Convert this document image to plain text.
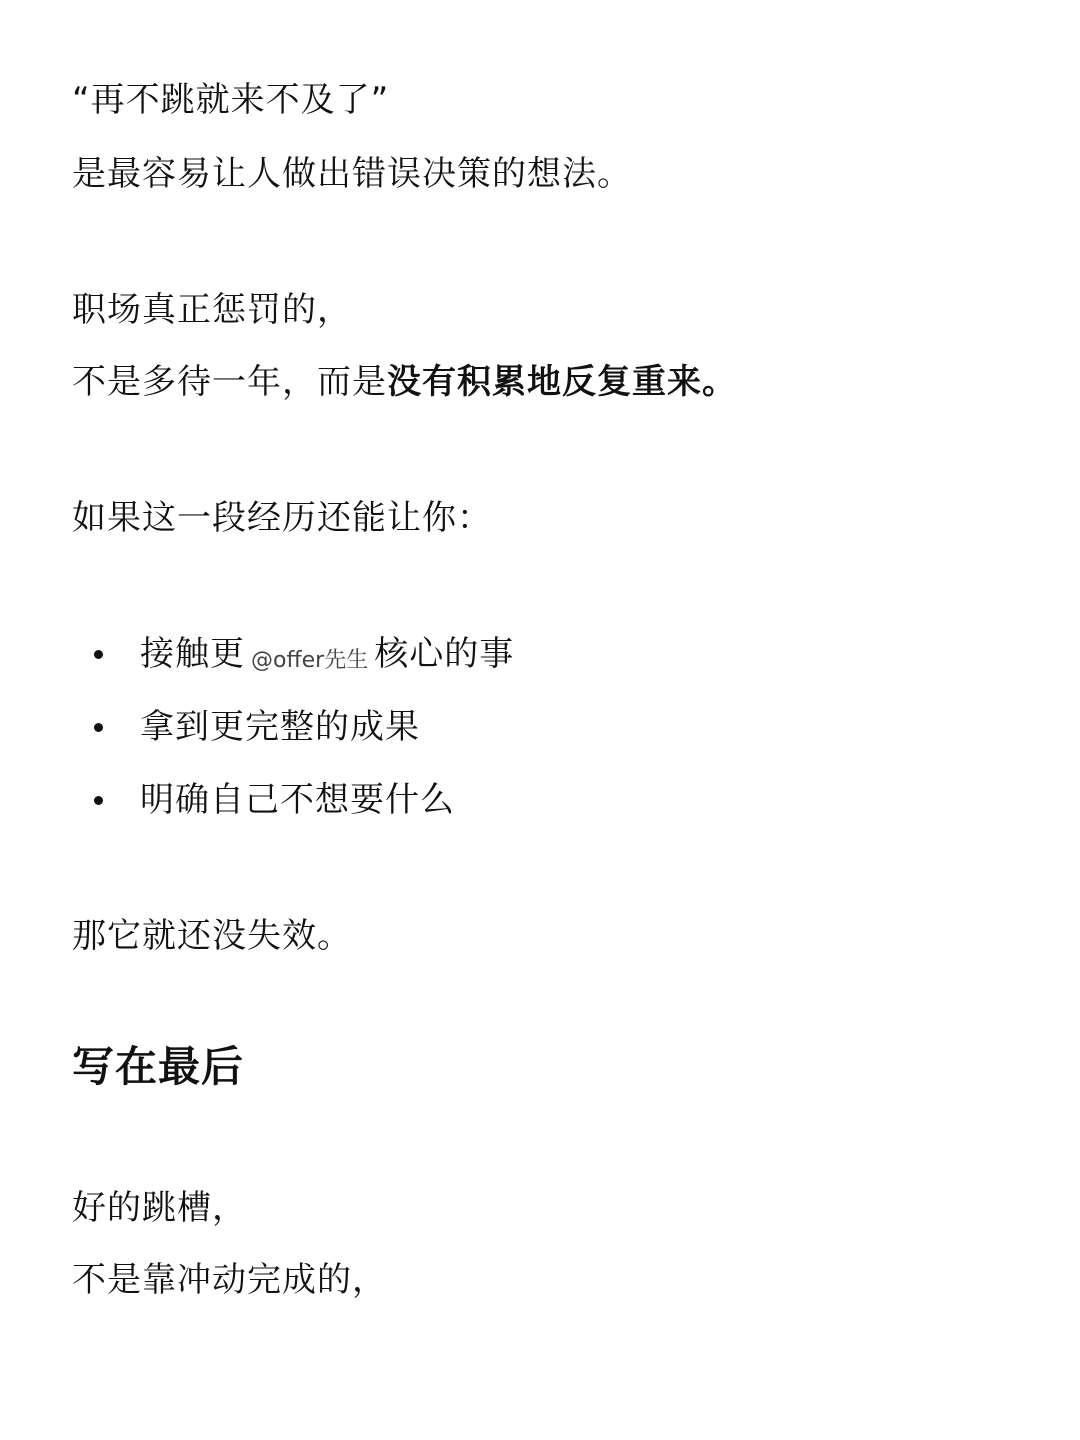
“再不跳就来不及了”
是最容易让人做出错误决策的想法。
职场真正惩罚的，
不是多待一年，而是没有积累地反复重来。
如果这一段经历还能让你：
接触更 @offer先生 核心的事
拿到更完整的成果
明确自己不想要什么
那它就还没失效。
写在最后
好的跳槽，
不是靠冲动完成的，
